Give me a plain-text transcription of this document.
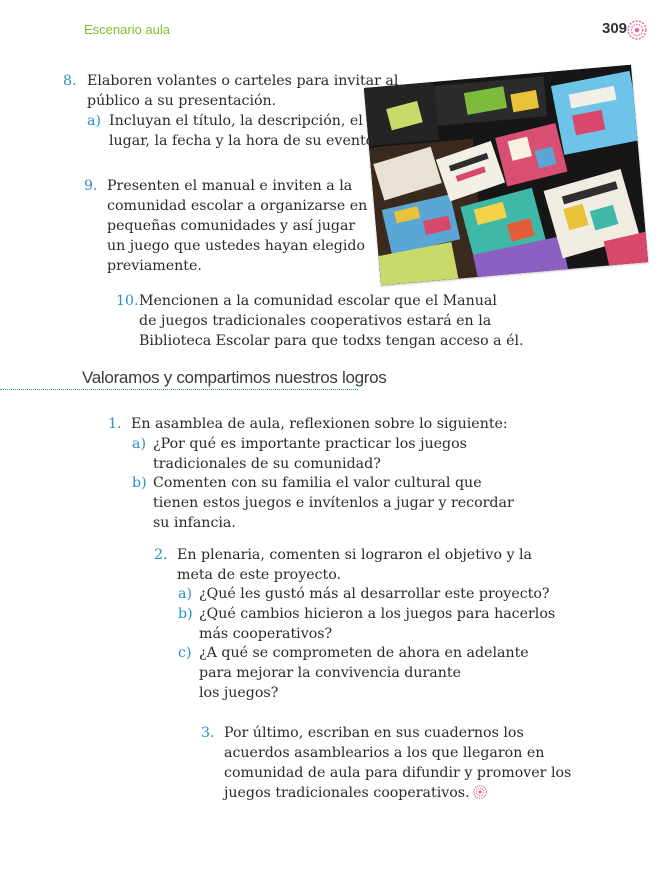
Escenario aula	309
8. Elaboren volantes o carteles para invitar al
público a su presentación.
a) Incluyan el título, la descripción, el
lugar, la fecha y la hora de su evento.
9. Presenten el manual e inviten a la
comunidad escolar a organizarse en
pequeñas comunidades y así jugar
un juego que ustedes hayan elegido
previamente.
10. Mencionen a la comunidad escolar que el Manual
de juegos tradicionales cooperativos estará en la
Biblioteca Escolar para que todxs tengan acceso a él.
Valoramos y compartimos nuestros logros
1. En asamblea de aula, reflexionen sobre lo siguiente:
a) ¿Por qué es importante practicar los juegos
tradicionales de su comunidad?
b) Comenten con su familia el valor cultural que
tienen estos juegos e invítenlos a jugar y recordar
su infancia.
2. En plenaria, comenten si lograron el objetivo y la
meta de este proyecto.
a) ¿Qué les gustó más al desarrollar este proyecto?
b) ¿Qué cambios hicieron a los juegos para hacerlos
más cooperativos?
c) ¿A qué se comprometen de ahora en adelante
para mejorar la convivencia durante
los juegos?
3. Por último, escriban en sus cuadernos los
acuerdos asamblearios a los que llegaron en
comunidad de aula para difundir y promover los
juegos tradicionales cooperativos.
